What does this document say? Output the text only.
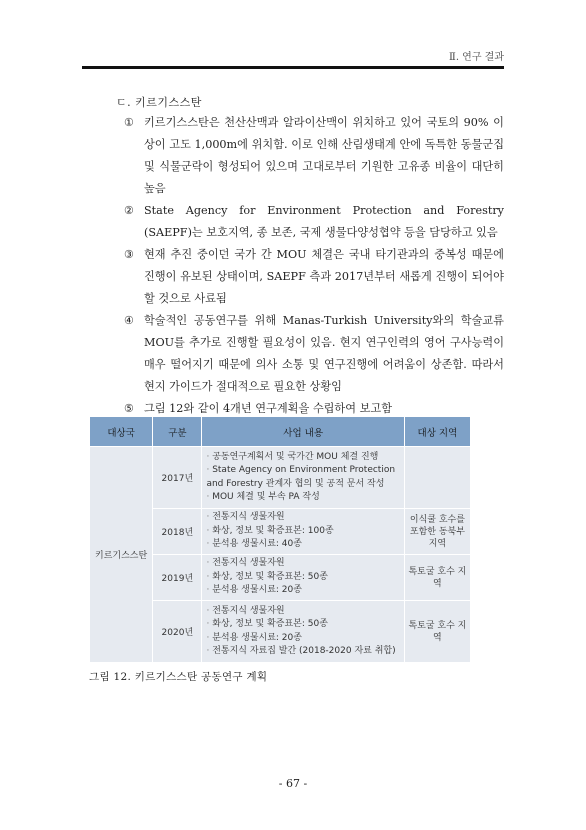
Ⅱ. 연구 결과
ㄷ. 키르기스스탄
① 키르기스스탄은 천산산맥과 알라이산맥이 위치하고 있어 국토의 90% 이상이 고도 1,000m에 위치함. 이로 인해 산림생태계 안에 독특한 동물군집 및 식물군락이 형성되어 있으며 고대로부터 기원한 고유종 비율이 대단히 높음
② State Agency for Environment Protection and Forestry (SAEPF)는 보호지역, 종 보존, 국제 생물다양성협약 등을 담당하고 있음
③ 현재 추진 중이던 국가 간 MOU 체결은 국내 타기관과의 중복성 때문에 진행이 유보된 상태이며, SAEPF 측과 2017년부터 새롭게 진행이 되어야 할 것으로 사료됨
④ 학술적인 공동연구를 위해 Manas-Turkish University와의 학술교류 MOU를 추가로 진행할 필요성이 있음. 현지 연구인력의 영어 구사능력이 매우 떨어지기 때문에 의사 소통 및 연구진행에 어려움이 상존함. 따라서 현지 가이드가 절대적으로 필요한 상황임
⑤ 그림 12와 같이 4개년 연구계획을 수립하여 보고함
대상국	구분	사업 내용	대상 지역
키르기스스탄	2017년	· 공동연구계획서 및 국가간 MOU 체결 진행
· State Agency on Environment Protection and Forestry 관계자 협의 및 공적 문서 작성
· MOU 체결 및 부속 PA 작성

	2018년	· 전통지식 생물자원
· 화상, 정보 및 확증표본: 100종
· 분석용 생물시료: 40종	이식쿨 호수를 포함한 동북부 지역
	2019년	· 전통지식 생물자원
· 화상, 정보 및 확증표본: 50종
· 분석용 생물시료: 20종	톡토굴 호수 지역
	2020년	· 전통지식 생물자원
· 화상, 정보 및 확증표본: 50종
· 분석용 생물시료: 20종
· 전통지식 자료집 발간 (2018-2020 자료 취합)	톡토굴 호수 지역
그림 12. 키르기스스탄 공동연구 계획
- 67 -
